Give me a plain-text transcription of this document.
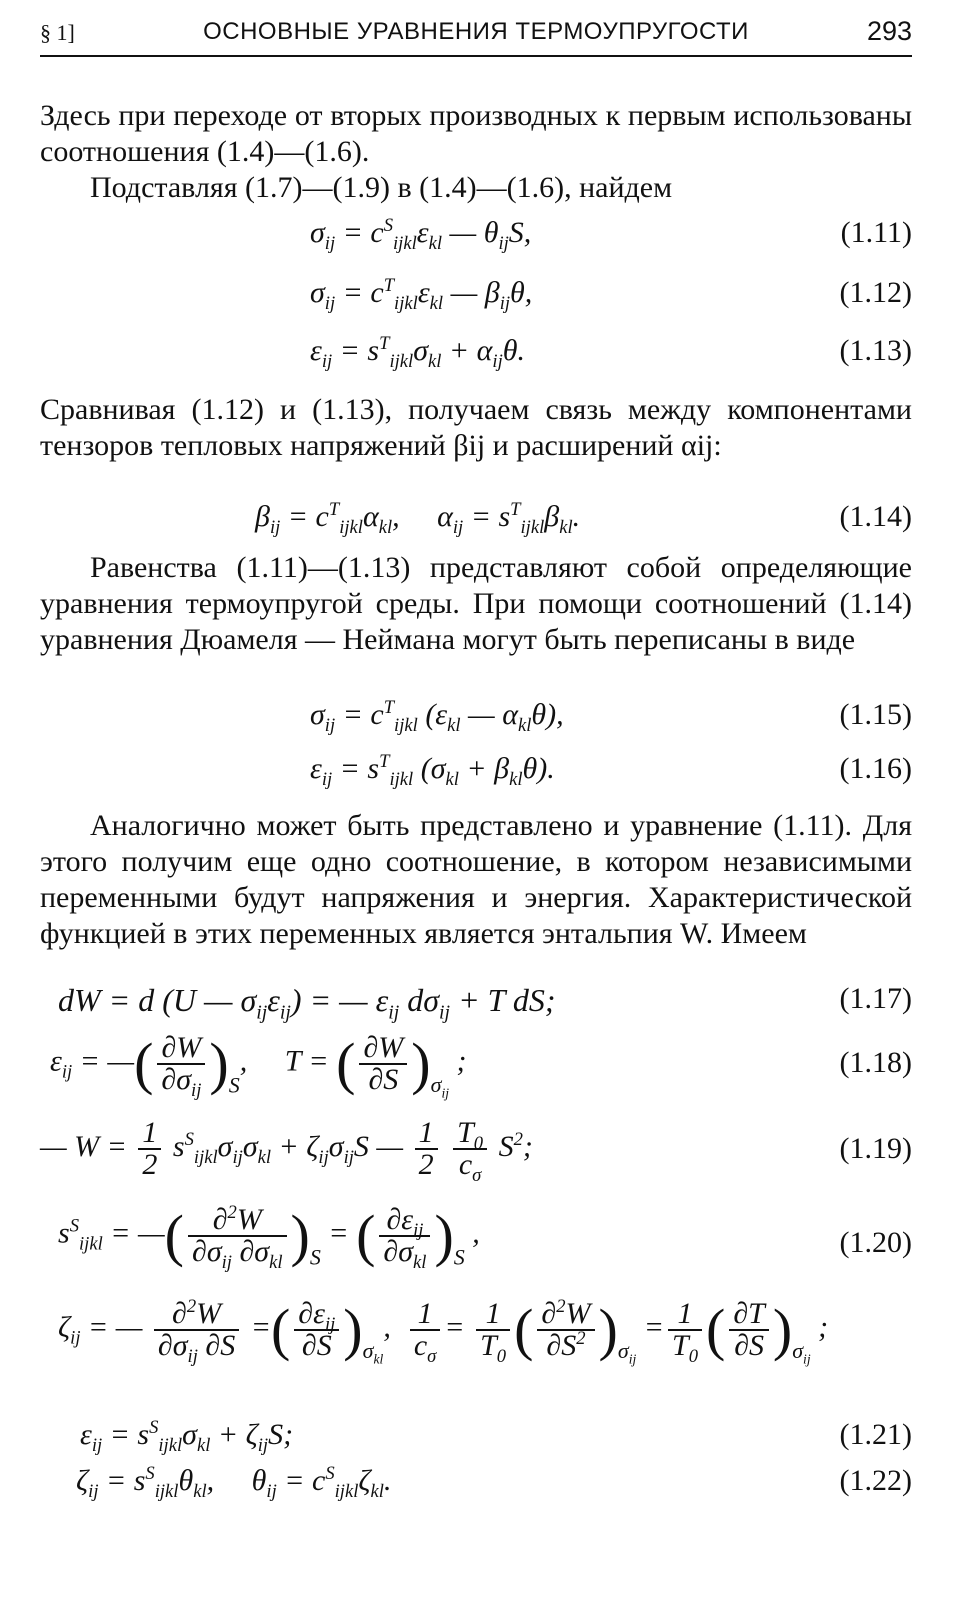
§ 1]	ОСНОВНЫЕ УРАВНЕНИЯ ТЕРМОУПРУГОСТИ	293
Здесь при переходе от вторых производных к первым использованы соотношения (1.4)—(1.6).
Подставляя (1.7)—(1.9) в (1.4)—(1.6), найдем
$\sigma_{ij} = c^S_{ijkl}\varepsilon_{kl}$ — $\theta_{ij}S$,	(1.11)
$\sigma_{ij} = c^T_{ijkl}\varepsilon_{kl}$ — $\beta_{ij}\theta$,	(1.12)
$\varepsilon_{ij} = s^T_{ijkl}\sigma_{kl} + \alpha_{ij}\theta$.	(1.13)
Сравнивая (1.12) и (1.13), получаем связь между компонентами тензоров тепловых напряжений βij и расширений αij:
$\beta_{ij} = c^T_{ijkl}\alpha_{kl}$,     $\alpha_{ij} = s^T_{ijkl}\beta_{kl}$.	(1.14)
Равенства (1.11)—(1.13) представляют собой определяющие уравнения термоупругой среды. При помощи соотношений (1.14) уравнения Дюамеля — Неймана могут быть переписаны в виде
$\sigma_{ij} = c^T_{ijkl}$ ($\varepsilon_{kl}$ — $\alpha_{kl}\theta$),	(1.15)
$\varepsilon_{ij} = s^T_{ijkl}$ $(\sigma_{kl} + \beta_{kl}\theta)$.	(1.16)
Аналогично может быть представлено и уравнение (1.11). Для этого получим еще одно соотношение, в котором независимыми переменными будут напряжения и энергия. Характеристической функцией в этих переменных является энтальпия W. Имеем
dW = d (U — $\sigma_{ij}\varepsilon_{ij}$) = — $\varepsilon_{ij}$ $d\sigma_{ij} + T$ dS;	(1.17)
$\varepsilon_{ij}$ = —( $\frac{\partial W}{\partial\sigma_{ij}} )_S$,     T = ( $\frac{\partial W}{\partial S} )_{\sigma_{ij}}$ ;	(1.18)
— $W = \frac{1}{2} s^S_{ijkl}\sigma_{ij}\sigma_{kl} + \zeta_{ij}\sigma_{ij}S$ — $\frac{1}{2}$
$\frac{T_0}{c_\sigma} S^2$;	(1.19)
$s^S_{ijkl}$ = —( $\frac{\partial^2W}{\partial\sigma_{ij} \partial\sigma_{kl}} )_S$ = ( $\frac{\partial\varepsilon_{ij}}{\partial\sigma_{kl}} )_S$ ,	(1.20)
$\zeta_{ij}$ = — $\frac{\partial^2W}{\partial\sigma_{ij} \partial S}$ =( $\frac{\partial\varepsilon_{ij}}{\partial S} )_{\sigma_{kl}}$, $\frac{1}{c_\sigma} = \frac{1}{T_0}$ ( $\frac{\partial^2W}{\partial S^2} )_{\sigma_{ij}} = \frac{1}{T_0}$ ( $\frac{\partial T}{\partial S} )_{\sigma_{ij}}$ ;
$\varepsilon_{ij} = s^S_{ijkl}\sigma_{kl} + \zeta_{ij}S$;	(1.21)
$\zeta_{ij} = s^S_{ijkl}\theta_{kl}$,     $\theta_{ij} = c^S_{ijkl}\zeta_{kl}$.	(1.22)
